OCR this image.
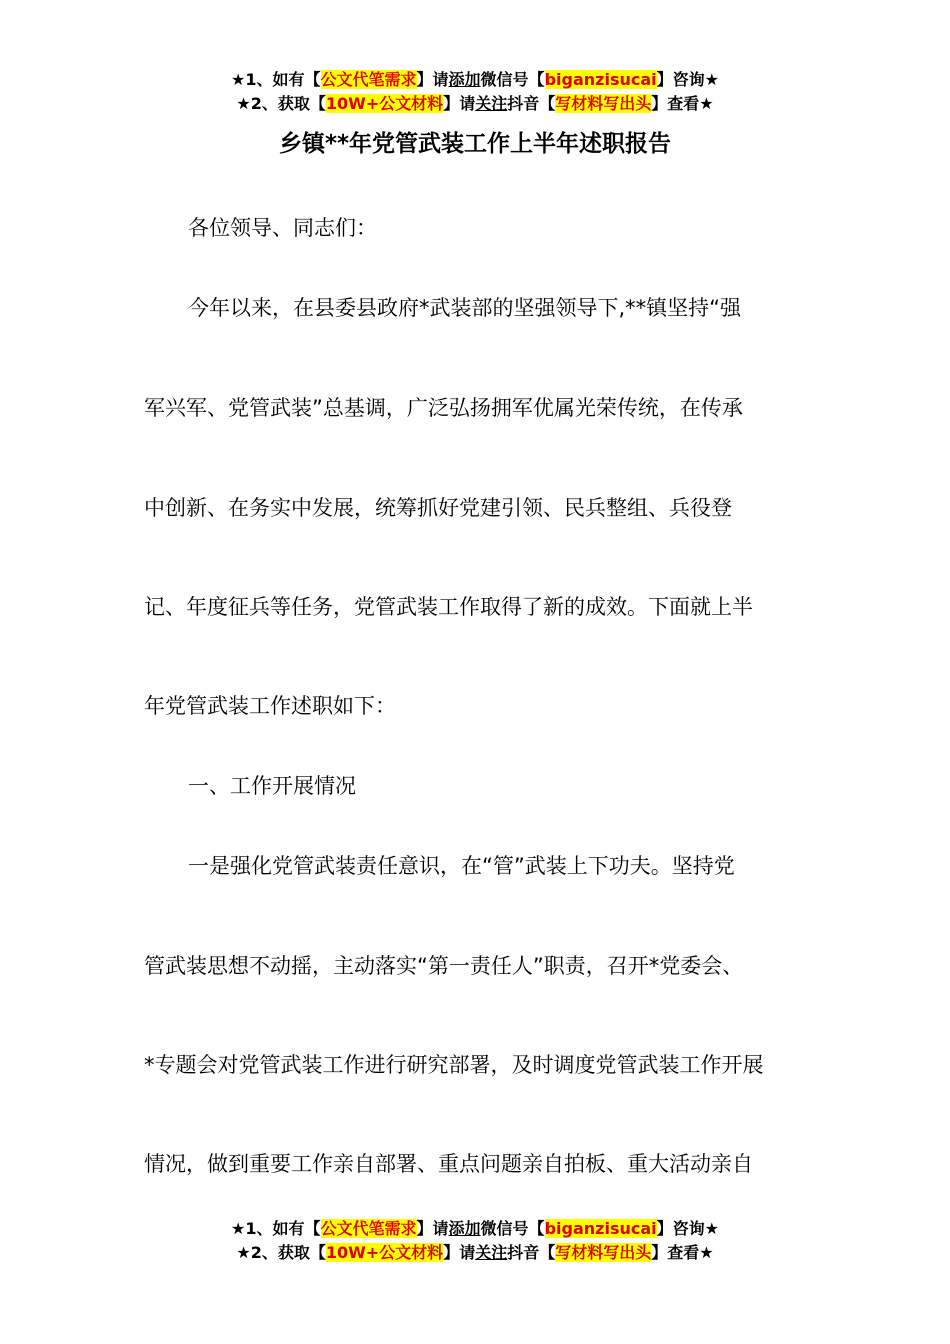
★1、如有【公文代笔需求】请添加微信号【biganzisucai】咨询★
★2、获取【10W+公文材料】请关注抖音【写材料写出头】查看★
乡镇**年党管武装工作上半年述职报告
各位领导、同志们：
今年以来，在县委县政府*武装部的坚强领导下,**镇坚持“强
军兴军、党管武装”总基调，广泛弘扬拥军优属光荣传统，在传承
中创新、在务实中发展，统筹抓好党建引领、民兵整组、兵役登
记、年度征兵等任务，党管武装工作取得了新的成效。下面就上半
年党管武装工作述职如下：
一、工作开展情况
一是强化党管武装责任意识，在“管”武装上下功夫。坚持党
管武装思想不动摇，主动落实“第一责任人”职责，召开*党委会、
*专题会对党管武装工作进行研究部署，及时调度党管武装工作开展
情况，做到重要工作亲自部署、重点问题亲自拍板、重大活动亲自
★1、如有【公文代笔需求】请添加微信号【biganzisucai】咨询★
★2、获取【10W+公文材料】请关注抖音【写材料写出头】查看★
